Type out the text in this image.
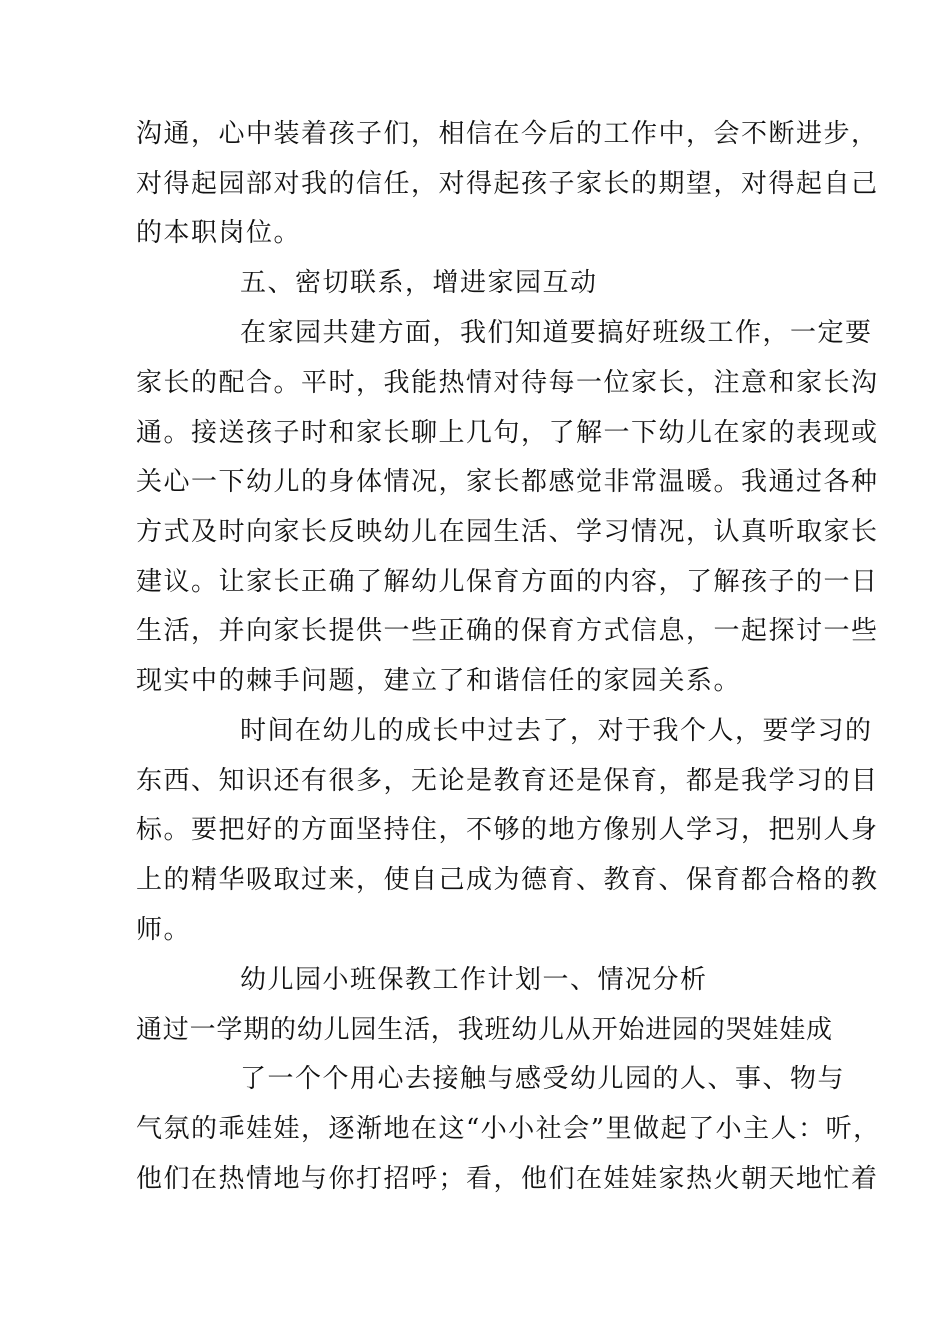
沟通，心中装着孩子们，相信在今后的工作中，会不断进步，
对得起园部对我的信任，对得起孩子家长的期望，对得起自己
的本职岗位。
五、密切联系，增进家园互动
在家园共建方面，我们知道要搞好班级工作，一定要
家长的配合。平时，我能热情对待每一位家长，注意和家长沟
通。接送孩子时和家长聊上几句，了解一下幼儿在家的表现或
关心一下幼儿的身体情况，家长都感觉非常温暖。我通过各种
方式及时向家长反映幼儿在园生活、学习情况，认真听取家长
建议。让家长正确了解幼儿保育方面的内容，了解孩子的一日
生活，并向家长提供一些正确的保育方式信息，一起探讨一些
现实中的棘手问题，建立了和谐信任的家园关系。
时间在幼儿的成长中过去了，对于我个人，要学习的
东西、知识还有很多，无论是教育还是保育，都是我学习的目
标。要把好的方面坚持住，不够的地方像别人学习，把别人身
上的精华吸取过来，使自己成为德育、教育、保育都合格的教
师。
幼儿园小班保教工作计划一、情况分析
通过一学期的幼儿园生活，我班幼儿从开始进园的哭娃娃成
了一个个用心去接触与感受幼儿园的人、事、物与
气氛的乖娃娃，逐渐地在这“小小社会”里做起了小主人：听，
他们在热情地与你打招呼；看，他们在娃娃家热火朝天地忙着
